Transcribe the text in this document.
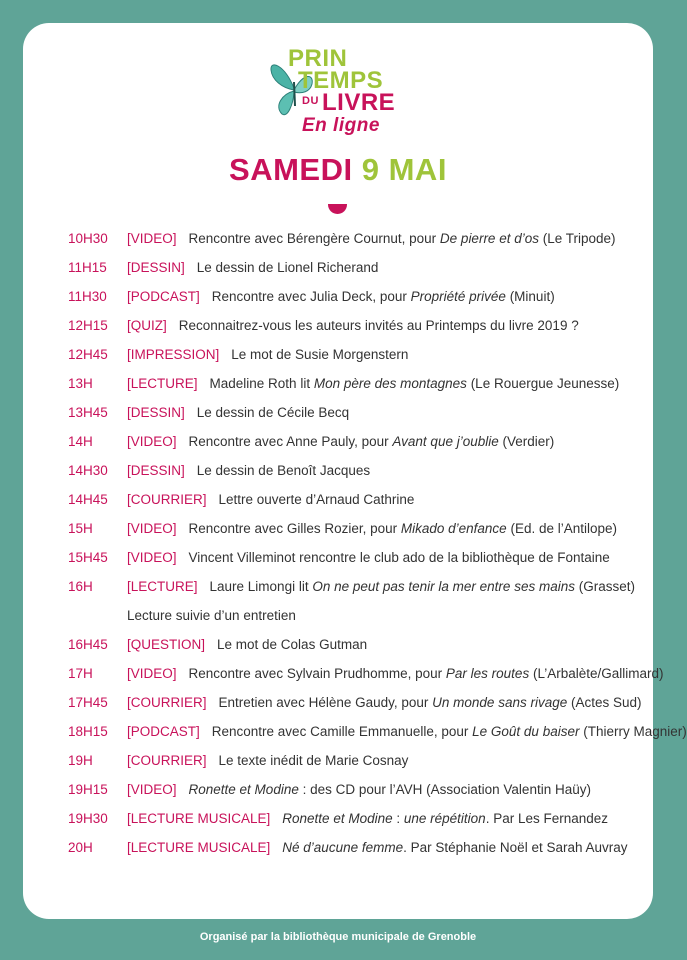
PRIN
TEMPS
DU LIVRE
En ligne
SAMEDI 9 MAI
10H30 [VIDEO] Rencontre avec Bérengère Cournut, pour De pierre et d’os (Le Tripode)
11H15 [DESSIN] Le dessin de Lionel Richerand
11H30 [PODCAST] Rencontre avec Julia Deck, pour Propriété privée (Minuit)
12H15 [QUIZ] Reconnaitrez-vous les auteurs invités au Printemps du livre 2019 ?
12H45 [IMPRESSION] Le mot de Susie Morgenstern
13H	[LECTURE] Madeline Roth lit Mon père des montagnes (Le Rouergue Jeunesse)
13H45 [DESSIN] Le dessin de Cécile Becq
14H	[VIDEO] Rencontre avec Anne Pauly, pour Avant que j’oublie (Verdier)
14H30 [DESSIN] Le dessin de Benoît Jacques
14H45 [COURRIER] Lettre ouverte d’Arnaud Cathrine
15H	[VIDEO] Rencontre avec Gilles Rozier, pour Mikado d’enfance (Ed. de l’Antilope)
15H45 [VIDEO] Vincent Villeminot rencontre le club ado de la bibliothèque de Fontaine
16H	[LECTURE] Laure Limongi lit On ne peut pas tenir la mer entre ses mains (Grasset)
Lecture suivie d’un entretien
16H45 [QUESTION] Le mot de Colas Gutman
17H	[VIDEO] Rencontre avec Sylvain Prudhomme, pour Par les routes (L’Arbalète/Gallimard)
17H45 [COURRIER] Entretien avec Hélène Gaudy, pour Un monde sans rivage (Actes Sud)
18H15 [PODCAST] Rencontre avec Camille Emmanuelle, pour Le Goût du baiser (Thierry Magnier)
19H	[COURRIER] Le texte inédit de Marie Cosnay
19H15 [VIDEO] Ronette et Modine : des CD pour l’AVH (Association Valentin Haüy)
19H30 [LECTURE MUSICALE] Ronette et Modine : une répétition. Par Les Fernandez
20H	[LECTURE MUSICALE] Né d’aucune femme. Par Stéphanie Noël et Sarah Auvray
Organisé par la bibliothèque municipale de Grenoble
